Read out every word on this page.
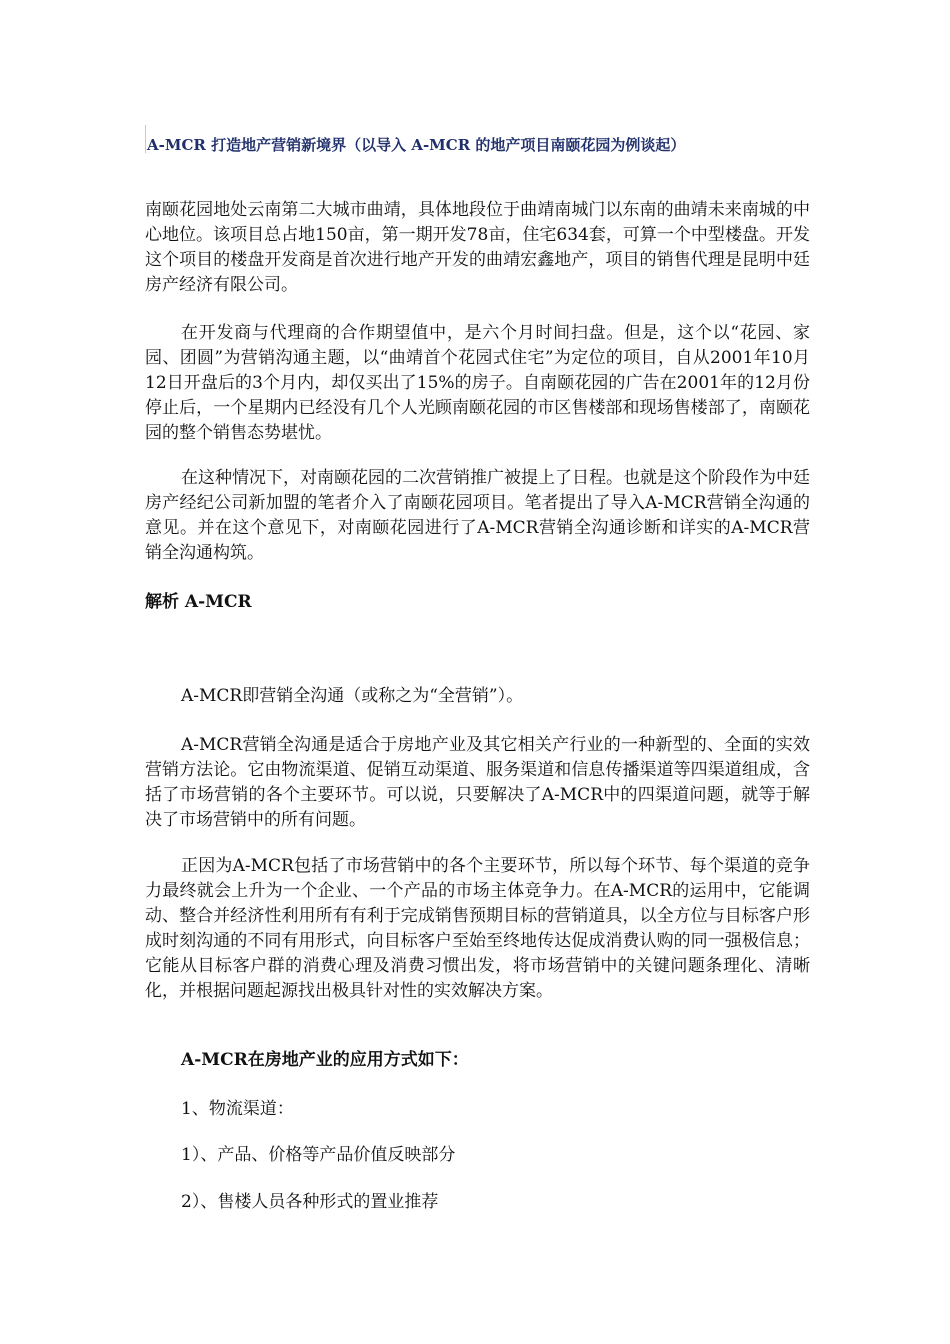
A-MCR 打造地产营销新境界（以导入 A-MCR 的地产项目南颐花园为例谈起）

南颐花园地处云南第二大城市曲靖，具体地段位于曲靖南城门以东南的曲靖未来南城的中心地位。该项目总占地150亩，第一期开发78亩，住宅634套，可算一个中型楼盘。开发这个项目的楼盘开发商是首次进行地产开发的曲靖宏鑫地产，项目的销售代理是昆明中廷房产经济有限公司。

在开发商与代理商的合作期望值中，是六个月时间扫盘。但是，这个以“花园、家园、团圆”为营销沟通主题，以“曲靖首个花园式住宅”为定位的项目，自从2001年10月12日开盘后的3个月内，却仅买出了15%的房子。自南颐花园的广告在2001年的12月份停止后，一个星期内已经没有几个人光顾南颐花园的市区售楼部和现场售楼部了，南颐花园的整个销售态势堪忧。

在这种情况下，对南颐花园的二次营销推广被提上了日程。也就是这个阶段作为中廷房产经纪公司新加盟的笔者介入了南颐花园项目。笔者提出了导入A-MCR营销全沟通的意见。并在这个意见下，对南颐花园进行了A-MCR营销全沟通诊断和详实的A-MCR营销全沟通构筑。

解析 A-MCR
A-MCR即营销全沟通（或称之为“全营销”）。

A-MCR营销全沟通是适合于房地产业及其它相关产行业的一种新型的、全面的实效营销方法论。它由物流渠道、促销互动渠道、服务渠道和信息传播渠道等四渠道组成，含括了市场营销的各个主要环节。可以说，只要解决了A-MCR中的四渠道问题，就等于解决了市场营销中的所有问题。

正因为A-MCR包括了市场营销中的各个主要环节，所以每个环节、每个渠道的竞争力最终就会上升为一个企业、一个产品的市场主体竞争力。在A-MCR的运用中，它能调动、整合并经济性利用所有有利于完成销售预期目标的营销道具，以全方位与目标客户形成时刻沟通的不同有用形式，向目标客户至始至终地传达促成消费认购的同一强极信息；它能从目标客户群的消费心理及消费习惯出发，将市场营销中的关键问题条理化、清晰化，并根据问题起源找出极具针对性的实效解决方案。

A-MCR在房地产业的应用方式如下：
1、物流渠道：
1）、产品、价格等产品价值反映部分
2）、售楼人员各种形式的置业推荐
